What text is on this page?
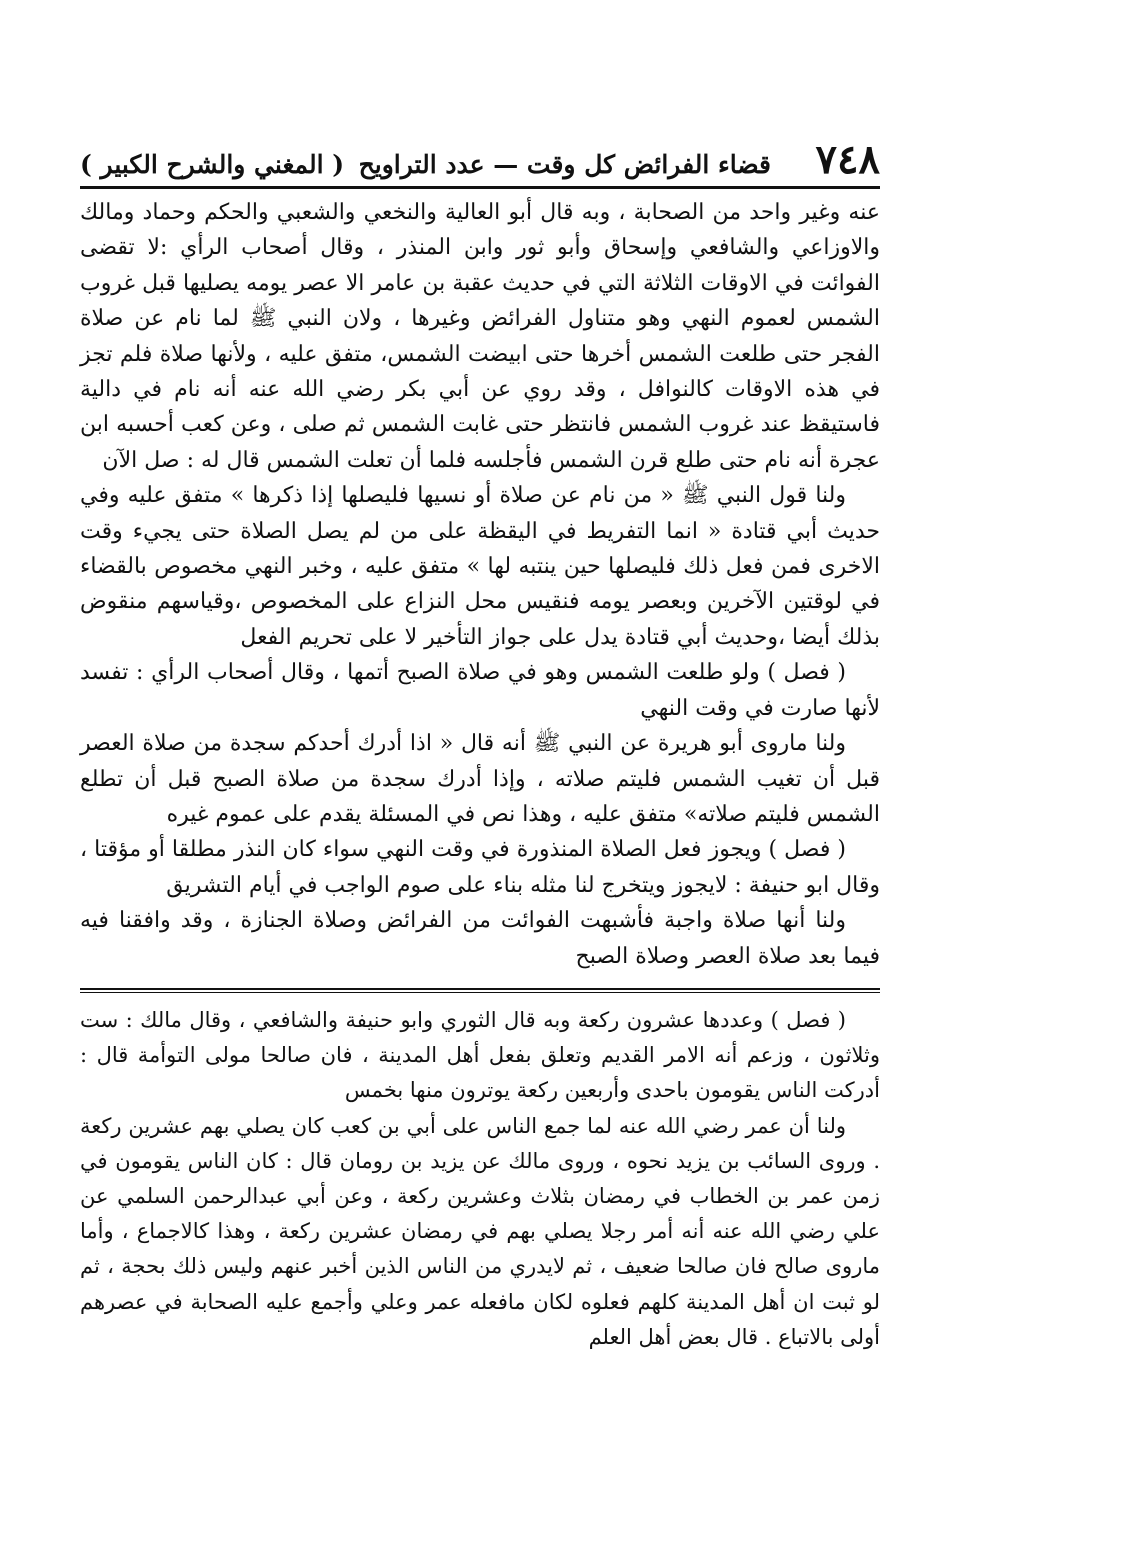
٧٤٨
قضاء الفرائض كل وقت — عدد التراويح
( المغني والشرح الكبير )

عنه وغير واحد من الصحابة ، وبه قال أبو العالية والنخعي والشعبي والحكم وحماد ومالك والاوزاعي والشافعي وإسحاق وأبو ثور وابن المنذر ، وقال أصحاب الرأي :لا تقضى الفوائت في الاوقات الثلاثة التي في حديث عقبة بن عامر الا عصر يومه يصليها قبل غروب الشمس لعموم النهي وهو متناول الفرائض وغيرها ، ولان النبي ﷺ لما نام عن صلاة الفجر حتى طلعت الشمس أخرها حتى ابيضت الشمس، متفق عليه ، ولأنها صلاة فلم تجز في هذه الاوقات كالنوافل ، وقد روي عن أبي بكر رضي الله عنه أنه نام في دالية فاستيقظ عند غروب الشمس فانتظر حتى غابت الشمس ثم صلى ، وعن كعب أحسبه ابن عجرة أنه نام حتى طلع قرن الشمس فأجلسه فلما أن تعلت الشمس قال له : صل الآن

ولنا قول النبي ﷺ « من نام عن صلاة أو نسيها فليصلها إذا ذكرها » متفق عليه وفي حديث أبي قتادة « انما التفريط في اليقظة على من لم يصل الصلاة حتى يجيء وقت الاخرى فمن فعل ذلك فليصلها حين ينتبه لها » متفق عليه ، وخبر النهي مخصوص بالقضاء في لوقتين الآخرين وبعصر يومه فنقيس محل النزاع على المخصوص ،وقياسهم منقوض بذلك أيضا ،وحديث أبي قتادة يدل على جواز التأخير لا على تحريم الفعل

( فصل ) ولو طلعت الشمس وهو في صلاة الصبح أتمها ، وقال أصحاب الرأي : تفسد لأنها صارت في وقت النهي

ولنا ماروى أبو هريرة عن النبي ﷺ أنه قال « اذا أدرك أحدكم سجدة من صلاة العصر قبل أن تغيب الشمس فليتم صلاته ، وإذا أدرك سجدة من صلاة الصبح قبل أن تطلع الشمس فليتم صلاته» متفق عليه ، وهذا نص في المسئلة يقدم على عموم غيره

( فصل ) ويجوز فعل الصلاة المنذورة في وقت النهي سواء كان النذر مطلقا أو مؤقتا ، وقال ابو حنيفة : لايجوز ويتخرج لنا مثله بناء على صوم الواجب في أيام التشريق

ولنا أنها صلاة واجبة فأشبهت الفوائت من الفرائض وصلاة الجنازة ، وقد وافقنا فيه فيما بعد صلاة العصر وصلاة الصبح

( فصل ) وعددها عشرون ركعة وبه قال الثوري وابو حنيفة والشافعي ، وقال مالك : ست وثلاثون ، وزعم أنه الامر القديم وتعلق بفعل أهل المدينة ، فان صالحا مولى التوأمة قال : أدركت الناس يقومون باحدى وأربعين ركعة يوترون منها بخمس

ولنا أن عمر رضي الله عنه لما جمع الناس على أبي بن كعب كان يصلي بهم عشرين ركعة . وروى السائب بن يزيد نحوه ، وروى مالك عن يزيد بن رومان قال : كان الناس يقومون في زمن عمر بن الخطاب في رمضان بثلاث وعشرين ركعة ، وعن أبي عبدالرحمن السلمي عن علي رضي الله عنه أنه أمر رجلا يصلي بهم في رمضان عشرين ركعة ، وهذا كالاجماع ، وأما ماروى صالح فان صالحا ضعيف ، ثم لايدري من الناس الذين أخبر عنهم وليس ذلك بحجة ، ثم لو ثبت ان أهل المدينة كلهم فعلوه لكان مافعله عمر وعلي وأجمع عليه الصحابة في عصرهم أولى بالاتباع . قال بعض أهل العلم
